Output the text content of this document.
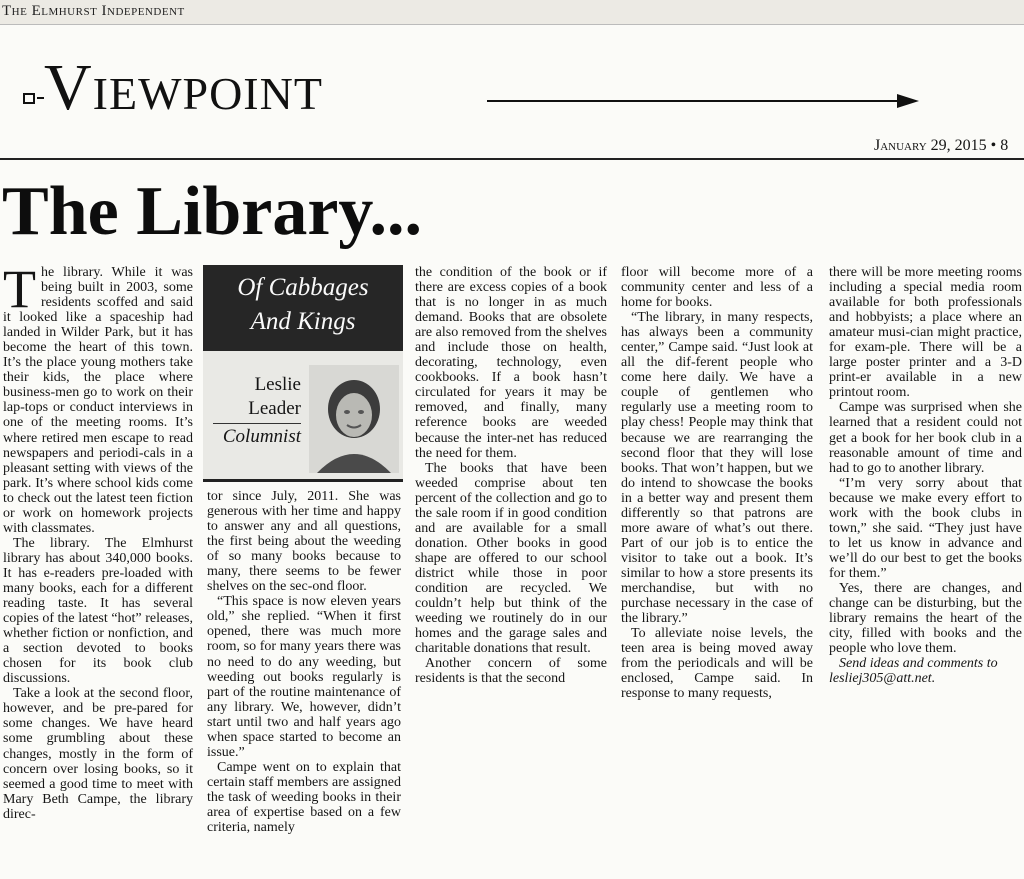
The Elmhurst Independent
Viewpoint
January 29, 2015 • 8
The Library...

The library. While it was being built in 2003, some residents scoffed and said it looked like a spaceship had landed in Wilder Park, but it has become the heart of this town. It’s the place young mothers take their kids, the place where business-men go to work on their lap-tops or conduct interviews in one of the meeting rooms. It’s where retired men escape to read newspapers and periodi-cals in a pleasant setting with views of the park. It’s where school kids come to check out the latest teen fiction or work on homework projects with classmates.

The library. The Elmhurst library has about 340,000 books. It has e-readers pre-loaded with many books, each for a different reading taste. It has several copies of the latest “hot” releases, whether fiction or nonfiction, and a section devoted to books chosen for its book club discussions.

Take a look at the second floor, however, and be pre-pared for some changes. We have heard some grumbling about these changes, mostly in the form of concern over losing books, so it seemed a good time to meet with Mary Beth Campe, the library direc-

Of Cabbages
And Kings
Leslie
Leader
Columnist

tor since July, 2011. She was generous with her time and happy to answer any and all questions, the first being about the weeding of so many books because to many, there seems to be fewer shelves on the sec-ond floor.

“This space is now eleven years old,” she replied. “When it first opened, there was much more room, so for many years there was no need to do any weeding, but weeding out books regularly is part of the routine maintenance of any library. We, however, didn’t start until two and half years ago when space started to become an issue.”

Campe went on to explain that certain staff members are assigned the task of weeding books in their area of expertise based on a few criteria, namely

the condition of the book or if there are excess copies of a book that is no longer in as much demand. Books that are obsolete are also removed from the shelves and include those on health, decorating, technology, even cookbooks. If a book hasn’t circulated for years it may be removed, and finally, many reference books are weeded because the inter-net has reduced the need for them.

The books that have been weeded comprise about ten percent of the collection and go to the sale room if in good condition and are available for a small donation. Other books in good shape are offered to our school district while those in poor condition are recycled. We couldn’t help but think of the weeding we routinely do in our homes and the garage sales and charitable donations that result.

Another concern of some residents is that the second

floor will become more of a community center and less of a home for books.

“The library, in many respects, has always been a community center,” Campe said. “Just look at all the dif-ferent people who come here daily. We have a couple of gentlemen who regularly use a meeting room to play chess! People may think that because we are rearranging the second floor that they will lose books. That won’t happen, but we do intend to showcase the books in a better way and present them differently so that patrons are more aware of what’s out there. Part of our job is to entice the visitor to take out a book. It’s similar to how a store presents its merchandise, but with no purchase necessary in the case of the library.”

To alleviate noise levels, the teen area is being moved away from the periodicals and will be enclosed, Campe said. In response to many requests,

there will be more meeting rooms including a special media room available for both professionals and hobbyists; a place where an amateur musi-cian might practice, for exam-ple. There will be a large poster printer and a 3-D print-er available in a new printout room.

Campe was surprised when she learned that a resident could not get a book for her book club in a reasonable amount of time and had to go to another library.

“I’m very sorry about that because we make every effort to work with the book clubs in town,” she said. “They just have to let us know in advance and we’ll do our best to get the books for them.”

Yes, there are changes, and change can be disturbing, but the library remains the heart of the city, filled with books and the people who love them.

Send ideas and comments to lesliej305@att.net.
